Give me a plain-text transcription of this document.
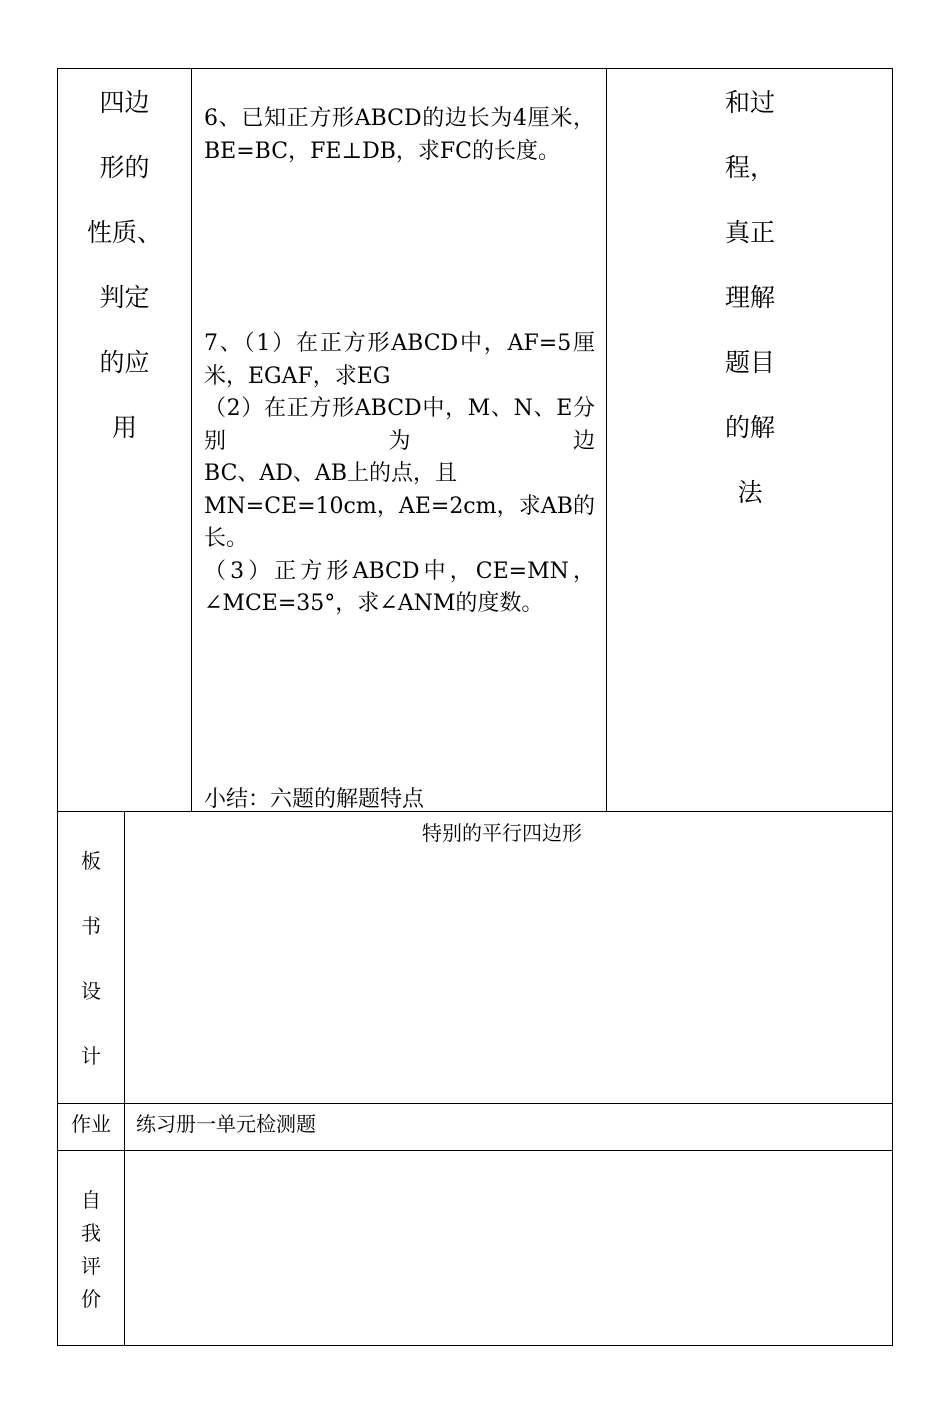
四边
形的
性质、
判定
的应
用
6、已知正方形ABCD的边长为4厘米，BE=BC，FE⊥DB，求FC的长度。
7、（1）在正方形ABCD中，AF=5厘米，EGAF，求EG
（2）在正方形ABCD中，M、N、E分别为边
BC、AD、AB上的点，且
MN=CE=10cm，AE=2cm，求AB的长。
（3）正方形ABCD中，CE=MN，∠MCE=35°，求∠ANM的度数。
小结：六题的解题特点
和过
程，
真正
理解
题目
的解
法
板
书
设
计
特别的平行四边形
作业	练习册一单元检测题
自
我
评
价
